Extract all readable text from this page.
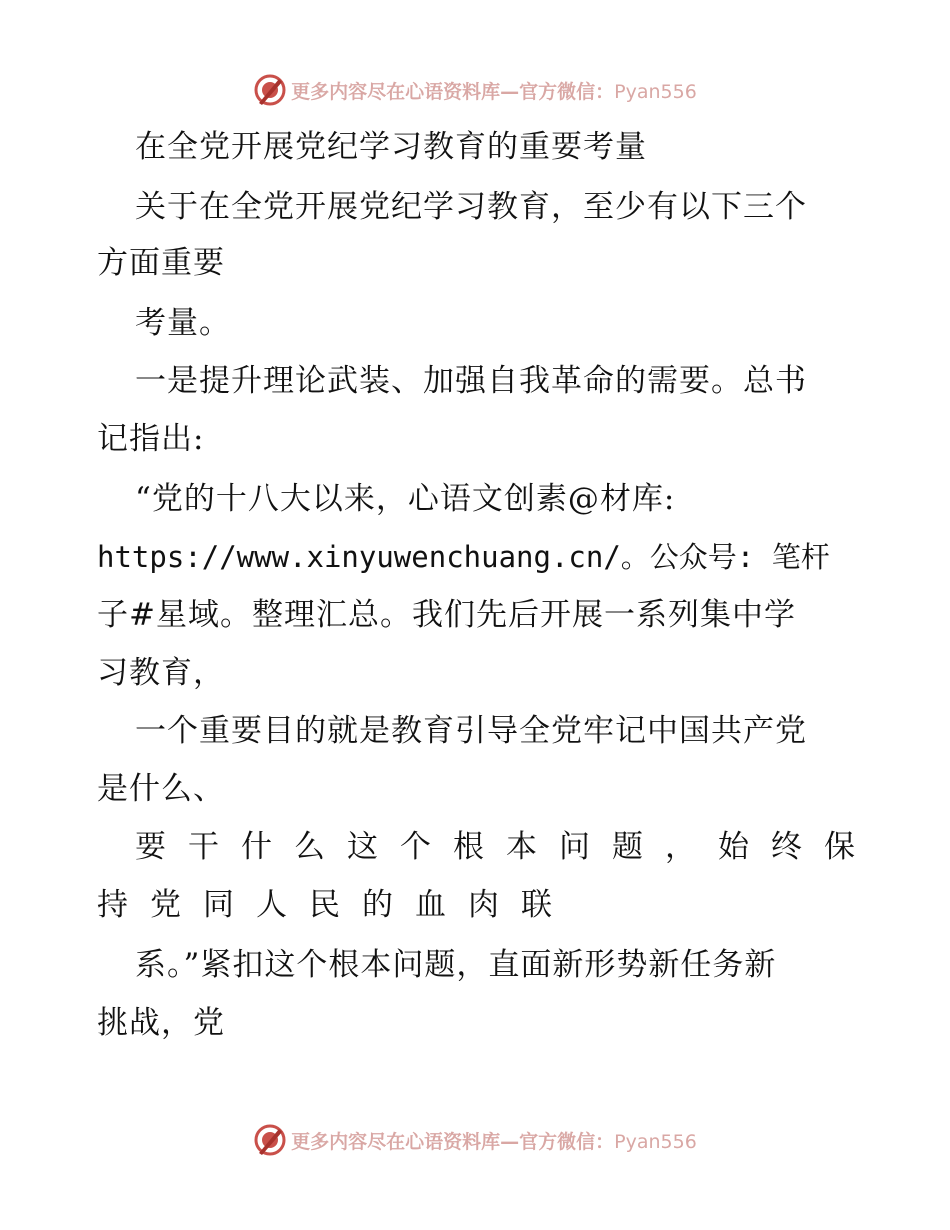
更多内容尽在心语资料库—官方微信：Pyan556
在全党开展党纪学习教育的重要考量
关于在全党开展党纪学习教育，至少有以下三个
方面重要
考量。
一是提升理论武装、加强自我革命的需要。总书
记指出:
“党的十八大以来，心语文创素@材库:
https://www.xinyuwenchuang.cn/。公众号: 笔杆
子#星域。整理汇总。我们先后开展一系列集中学
习教育，
一个重要目的就是教育引导全党牢记中国共产党
是什么、
要干什么这个根本问题，始终保
持党同人民的血肉联
系。”紧扣这个根本问题，直面新形势新任务新
挑战，党
更多内容尽在心语资料库—官方微信：Pyan556
